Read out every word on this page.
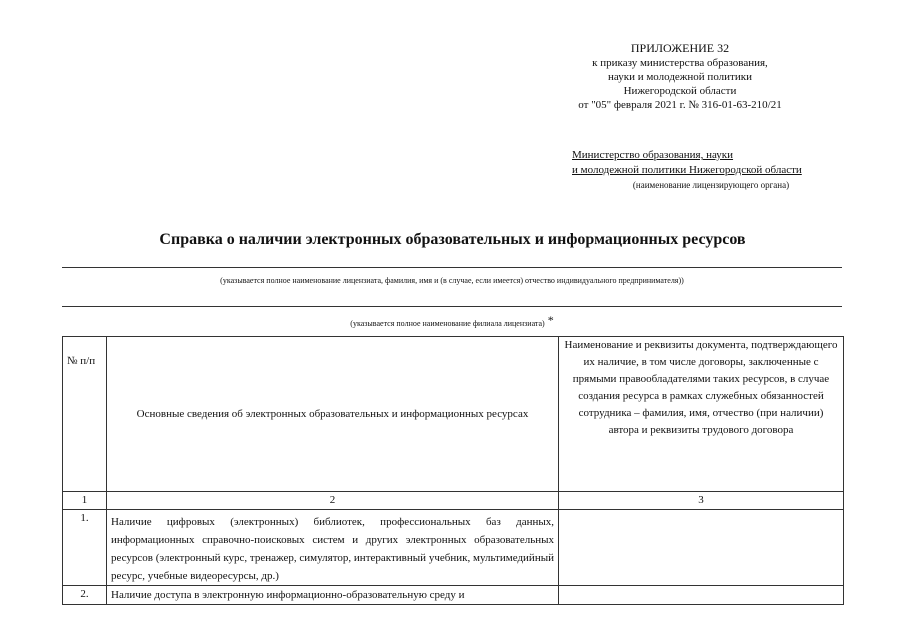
ПРИЛОЖЕНИЕ 32
к приказу министерства образования,
науки и молодежной политики
Нижегородской области
от "05" февраля 2021 г. № 316-01-63-210/21
Министерство образования, науки
и молодежной политики Нижегородской области
(наименование лицензирующего органа)
Справка о наличии электронных образовательных и информационных ресурсов
(указывается полное наименование лицензиата, фамилия, имя и (в случае, если имеется) отчество индивидуального предпринимателя))
(указывается полное наименование филиала лицензиата) *
№ п/п	Основные сведения об электронных образовательных и информационных ресурсах	Наименование и реквизиты документа, подтверждающего их наличие, в том числе договоры, заключенные с прямыми правообладателями таких ресурсов, в случае создания ресурса в рамках служебных обязанностей сотрудника – фамилия, имя, отчество (при наличии) автора и реквизиты трудового договора
1	2	3
1.	Наличие цифровых (электронных) библиотек, профессиональных баз данных, информационных справочно-поисковых систем и других электронных образовательных ресурсов (электронный курс, тренажер, симулятор, интерактивный учебник, мультимедийный ресурс, учебные видеоресурсы, др.)	
2.	Наличие доступа в электронную информационно-образовательную среду и	
